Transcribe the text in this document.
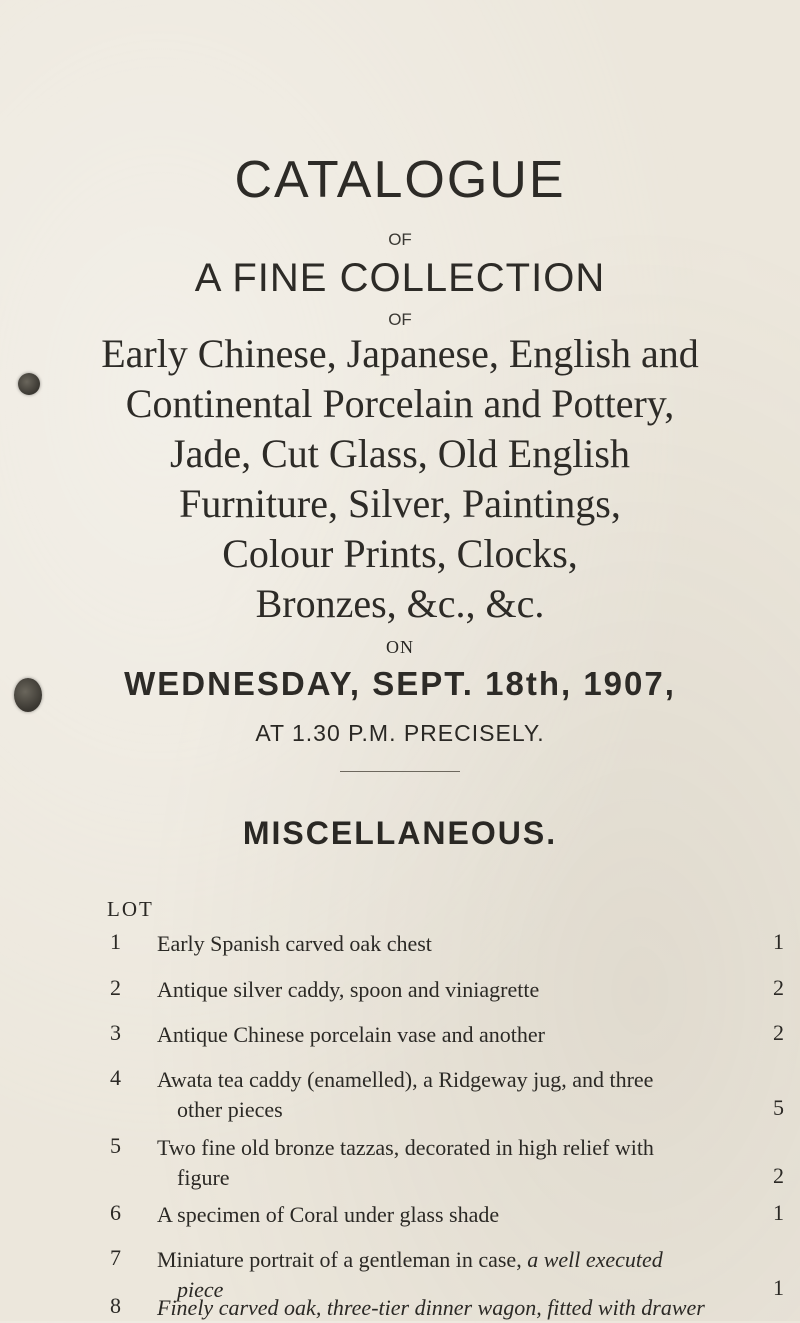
CATALOGUE
OF
A FINE COLLECTION
OF
Early Chinese, Japanese, English and
Continental Porcelain and Pottery,
Jade, Cut Glass, Old English
Furniture, Silver, Paintings,
Colour Prints, Clocks,
Bronzes, &c., &c.
ON
WEDNESDAY, SEPT. 18th, 1907,
AT 1.30 P.M. PRECISELY.
MISCELLANEOUS.
LOT
1	Early Spanish carved oak chest	1
2	Antique silver caddy, spoon and viniagrette	2
3	Antique Chinese porcelain vase and another	2
4	Awata tea caddy (enamelled), a Ridgeway jug, and three
other pieces	5
5	Two fine old bronze tazzas, decorated in high relief with
figure	2
6	A specimen of Coral under glass shade	1
7	Miniature portrait of a gentleman in case, a well executed
piece	1
8	Finely carved oak, three-tier dinner wagon, fitted with drawer
